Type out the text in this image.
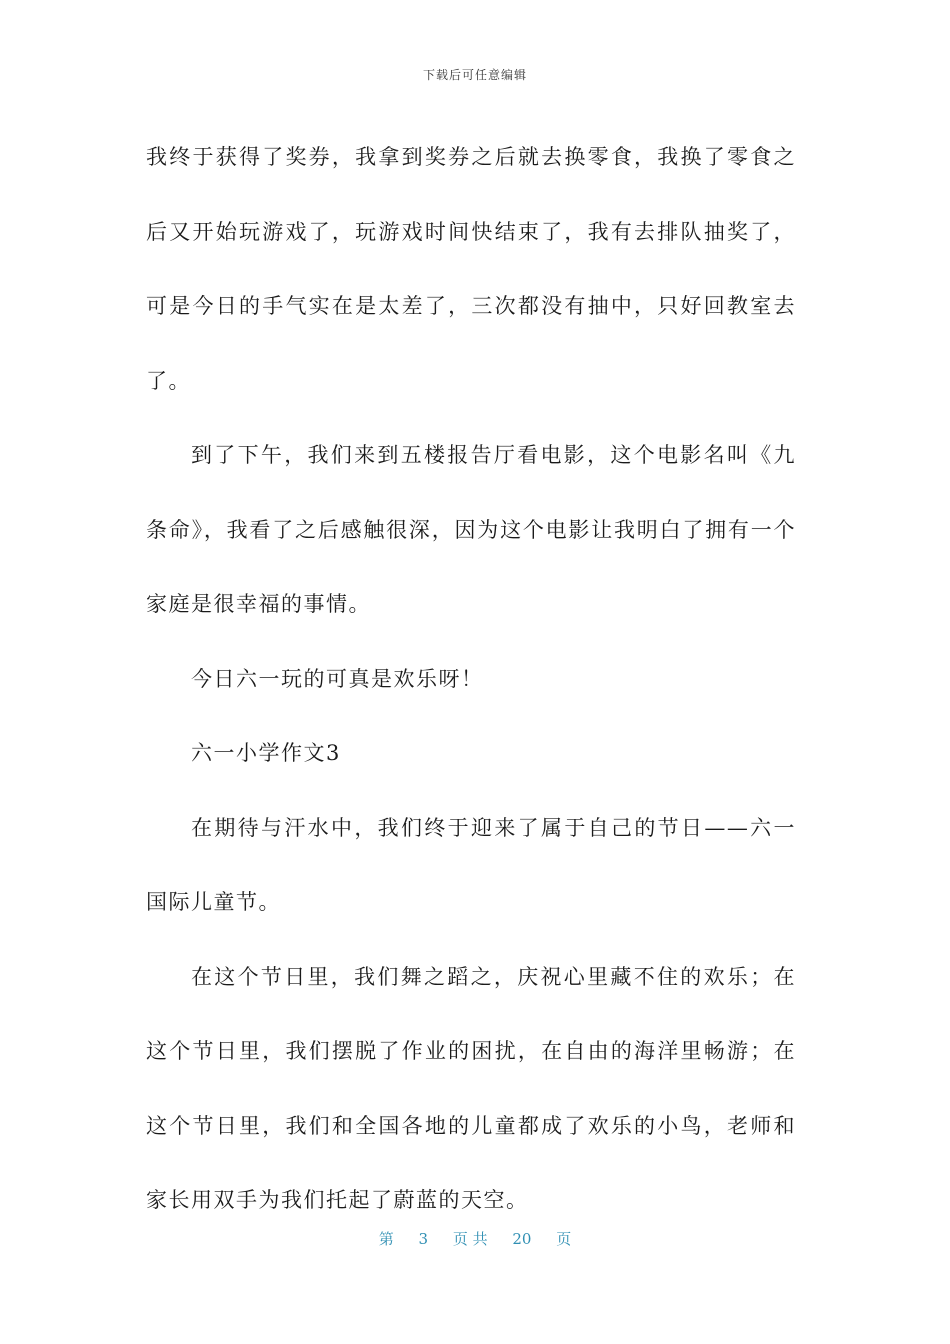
下载后可任意编辑

我终于获得了奖券，我拿到奖券之后就去换零食，我换了零食之后又开始玩游戏了，玩游戏时间快结束了，我有去排队抽奖了，可是今日的手气实在是太差了，三次都没有抽中，只好回教室去了。

到了下午，我们来到五楼报告厅看电影，这个电影名叫《九条命》，我看了之后感触很深，因为这个电影让我明白了拥有一个家庭是很幸福的事情。

今日六一玩的可真是欢乐呀！

六一小学作文3

在期待与汗水中，我们终于迎来了属于自己的节日——六一国际儿童节。

在这个节日里，我们舞之蹈之，庆祝心里藏不住的欢乐；在这个节日里，我们摆脱了作业的困扰，在自由的海洋里畅游；在这个节日里，我们和全国各地的儿童都成了欢乐的小鸟，老师和家长用双手为我们托起了蔚蓝的天空。

第 3 页 共 20 页
